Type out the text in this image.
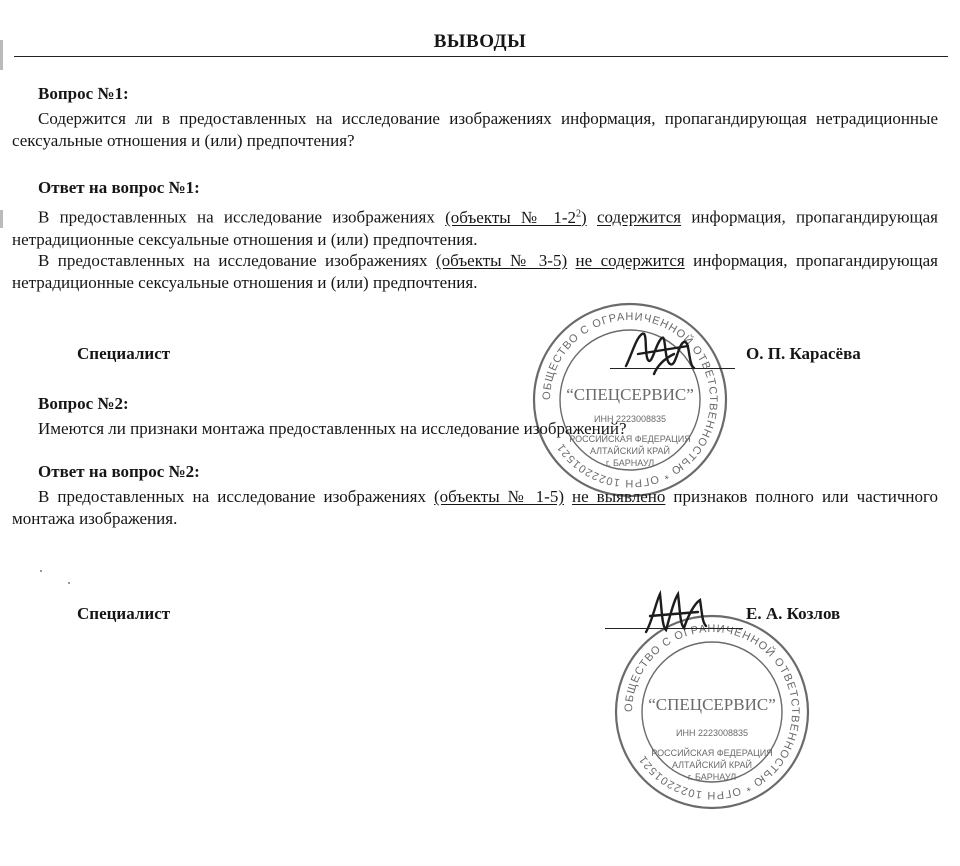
ВЫВОДЫ
Вопрос №1:
Содержится ли в предоставленных на исследование изображениях информация, пропагандирующая нетрадиционные сексуальные отношения и (или) предпочтения?
Ответ на вопрос №1:
В предоставленных на исследование изображениях (объекты № $1-2^2$) содержится информация, пропагандирующая нетрадиционные сексуальные отношения и (или) предпочтения.
В предоставленных на исследование изображениях (объекты № 3-5) не содержится информация, пропагандирующая нетрадиционные сексуальные отношения и (или) предпочтения.
Специалист
ОБЩЕСТВО С ОГРАНИЧЕННОЙ ОТВЕТСТВЕННОСТЬЮ * ОГРН 1022201521
“СПЕЦСЕРВИС”
ИНН 2223008835
РОССИЙСКАЯ ФЕДЕРАЦИЯ
АЛТАЙСКИЙ КРАЙ
г. БАРНАУЛ
О. П. Карасёва
Вопрос №2:
Имеются ли признаки монтажа предоставленных на исследование изображений?
Ответ на вопрос №2:
В предоставленных на исследование изображениях (объекты № 1-5) не выявлено признаков полного или частичного монтажа изображения.
Специалист
ОБЩЕСТВО С ОГРАНИЧЕННОЙ ОТВЕТСТВЕННОСТЬЮ * ОГРН 1022201521
“СПЕЦСЕРВИС”
ИНН 2223008835
РОССИЙСКАЯ ФЕДЕРАЦИЯ
АЛТАЙСКИЙ КРАЙ
г. БАРНАУЛ
Е. А. Козлов
